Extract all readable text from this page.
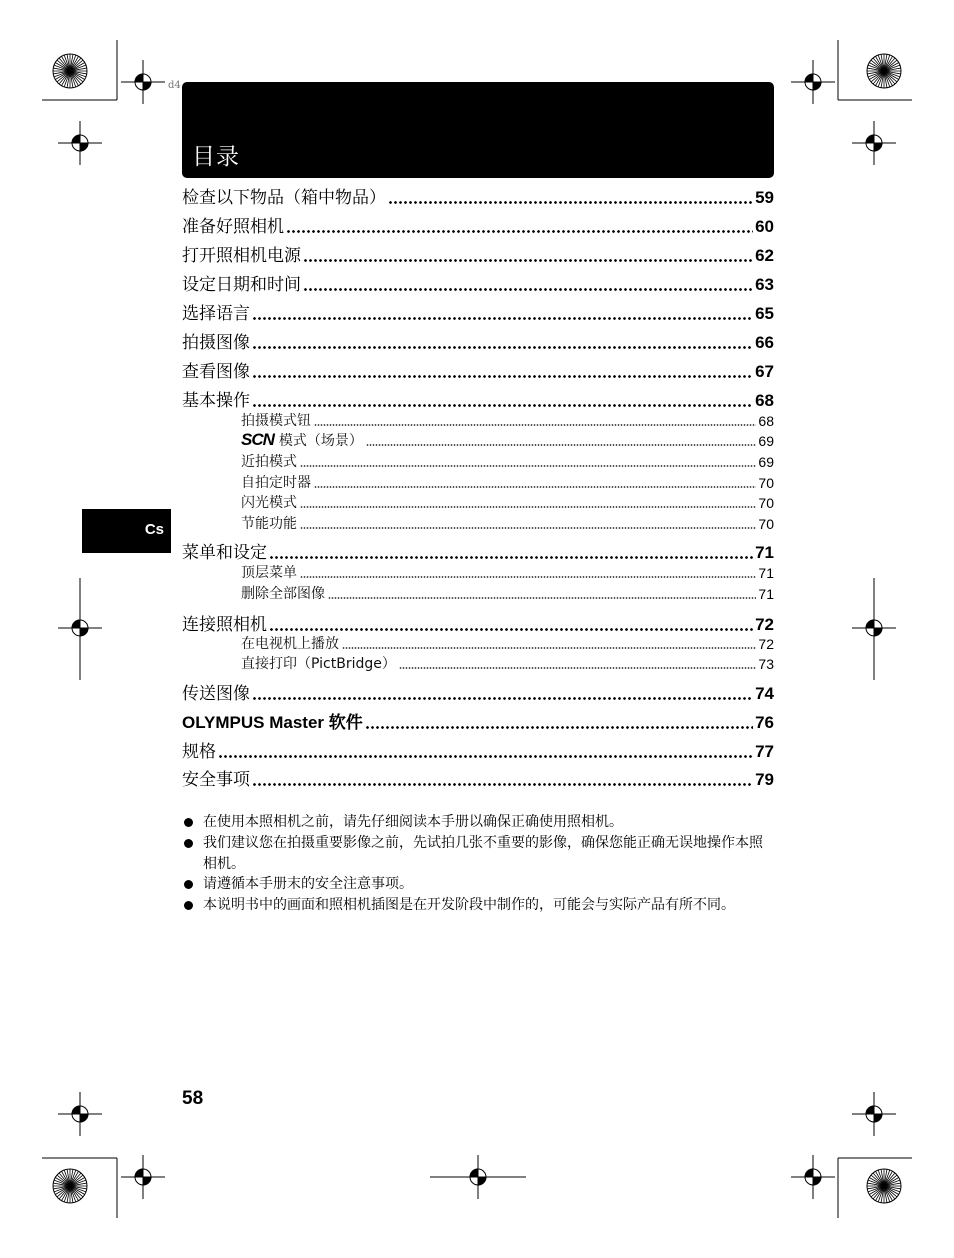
d4
目录
Cs
检查以下物品（箱中物品）	59
准备好照相机	60
打开照相机电源	62
设定日期和时间	63
选择语言	65
拍摄图像	66
查看图像	67
基本操作	68
拍摄模式钮	68
SCN 模式（场景）	69
近拍模式	69
自拍定时器	70
闪光模式	70
节能功能	70
菜单和设定	71
顶层菜单	71
删除全部图像	71
连接照相机	72
在电视机上播放	72
直接打印（PictBridge）	73
传送图像	74
OLYMPUS Master 软件	76
规格	77
安全事项	79
在使用本照相机之前，请先仔细阅读本手册以确保正确使用照相机。
我们建议您在拍摄重要影像之前，先试拍几张不重要的影像，确保您能正确无误地操作本照相机。
请遵循本手册末的安全注意事项。
本说明书中的画面和照相机插图是在开发阶段中制作的，可能会与实际产品有所不同。
58
